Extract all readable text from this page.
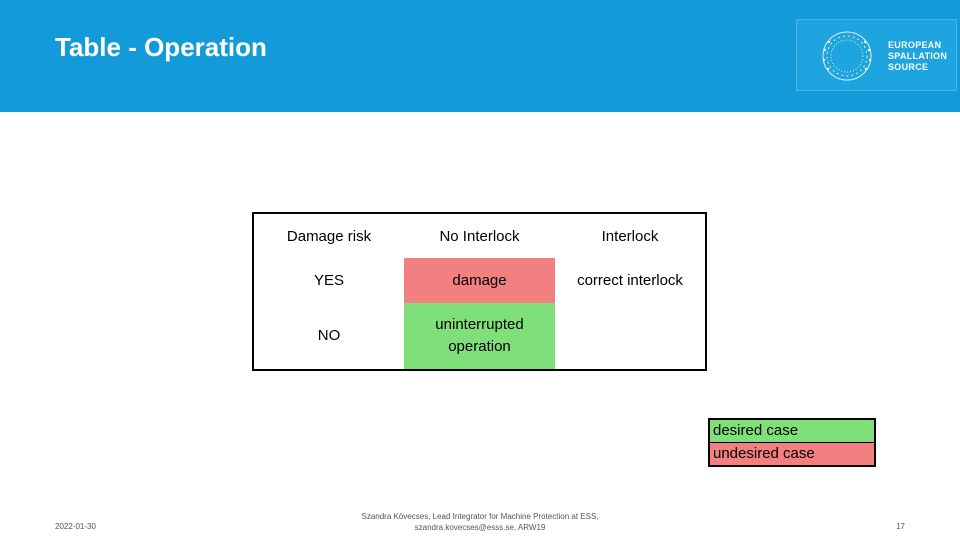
Table - Operation	EUROPEAN
SPALLATION
SOURCE
Damage risk	No Interlock	Interlock
YES	damage	correct interlock
NO	uninterrupted operation	
desired case
undesired case
2022-01-30
Szandra Kövecses, Lead Integrator for Machine Protection at ESS,
szandra.kovecses@esss.se, ARW19	17
